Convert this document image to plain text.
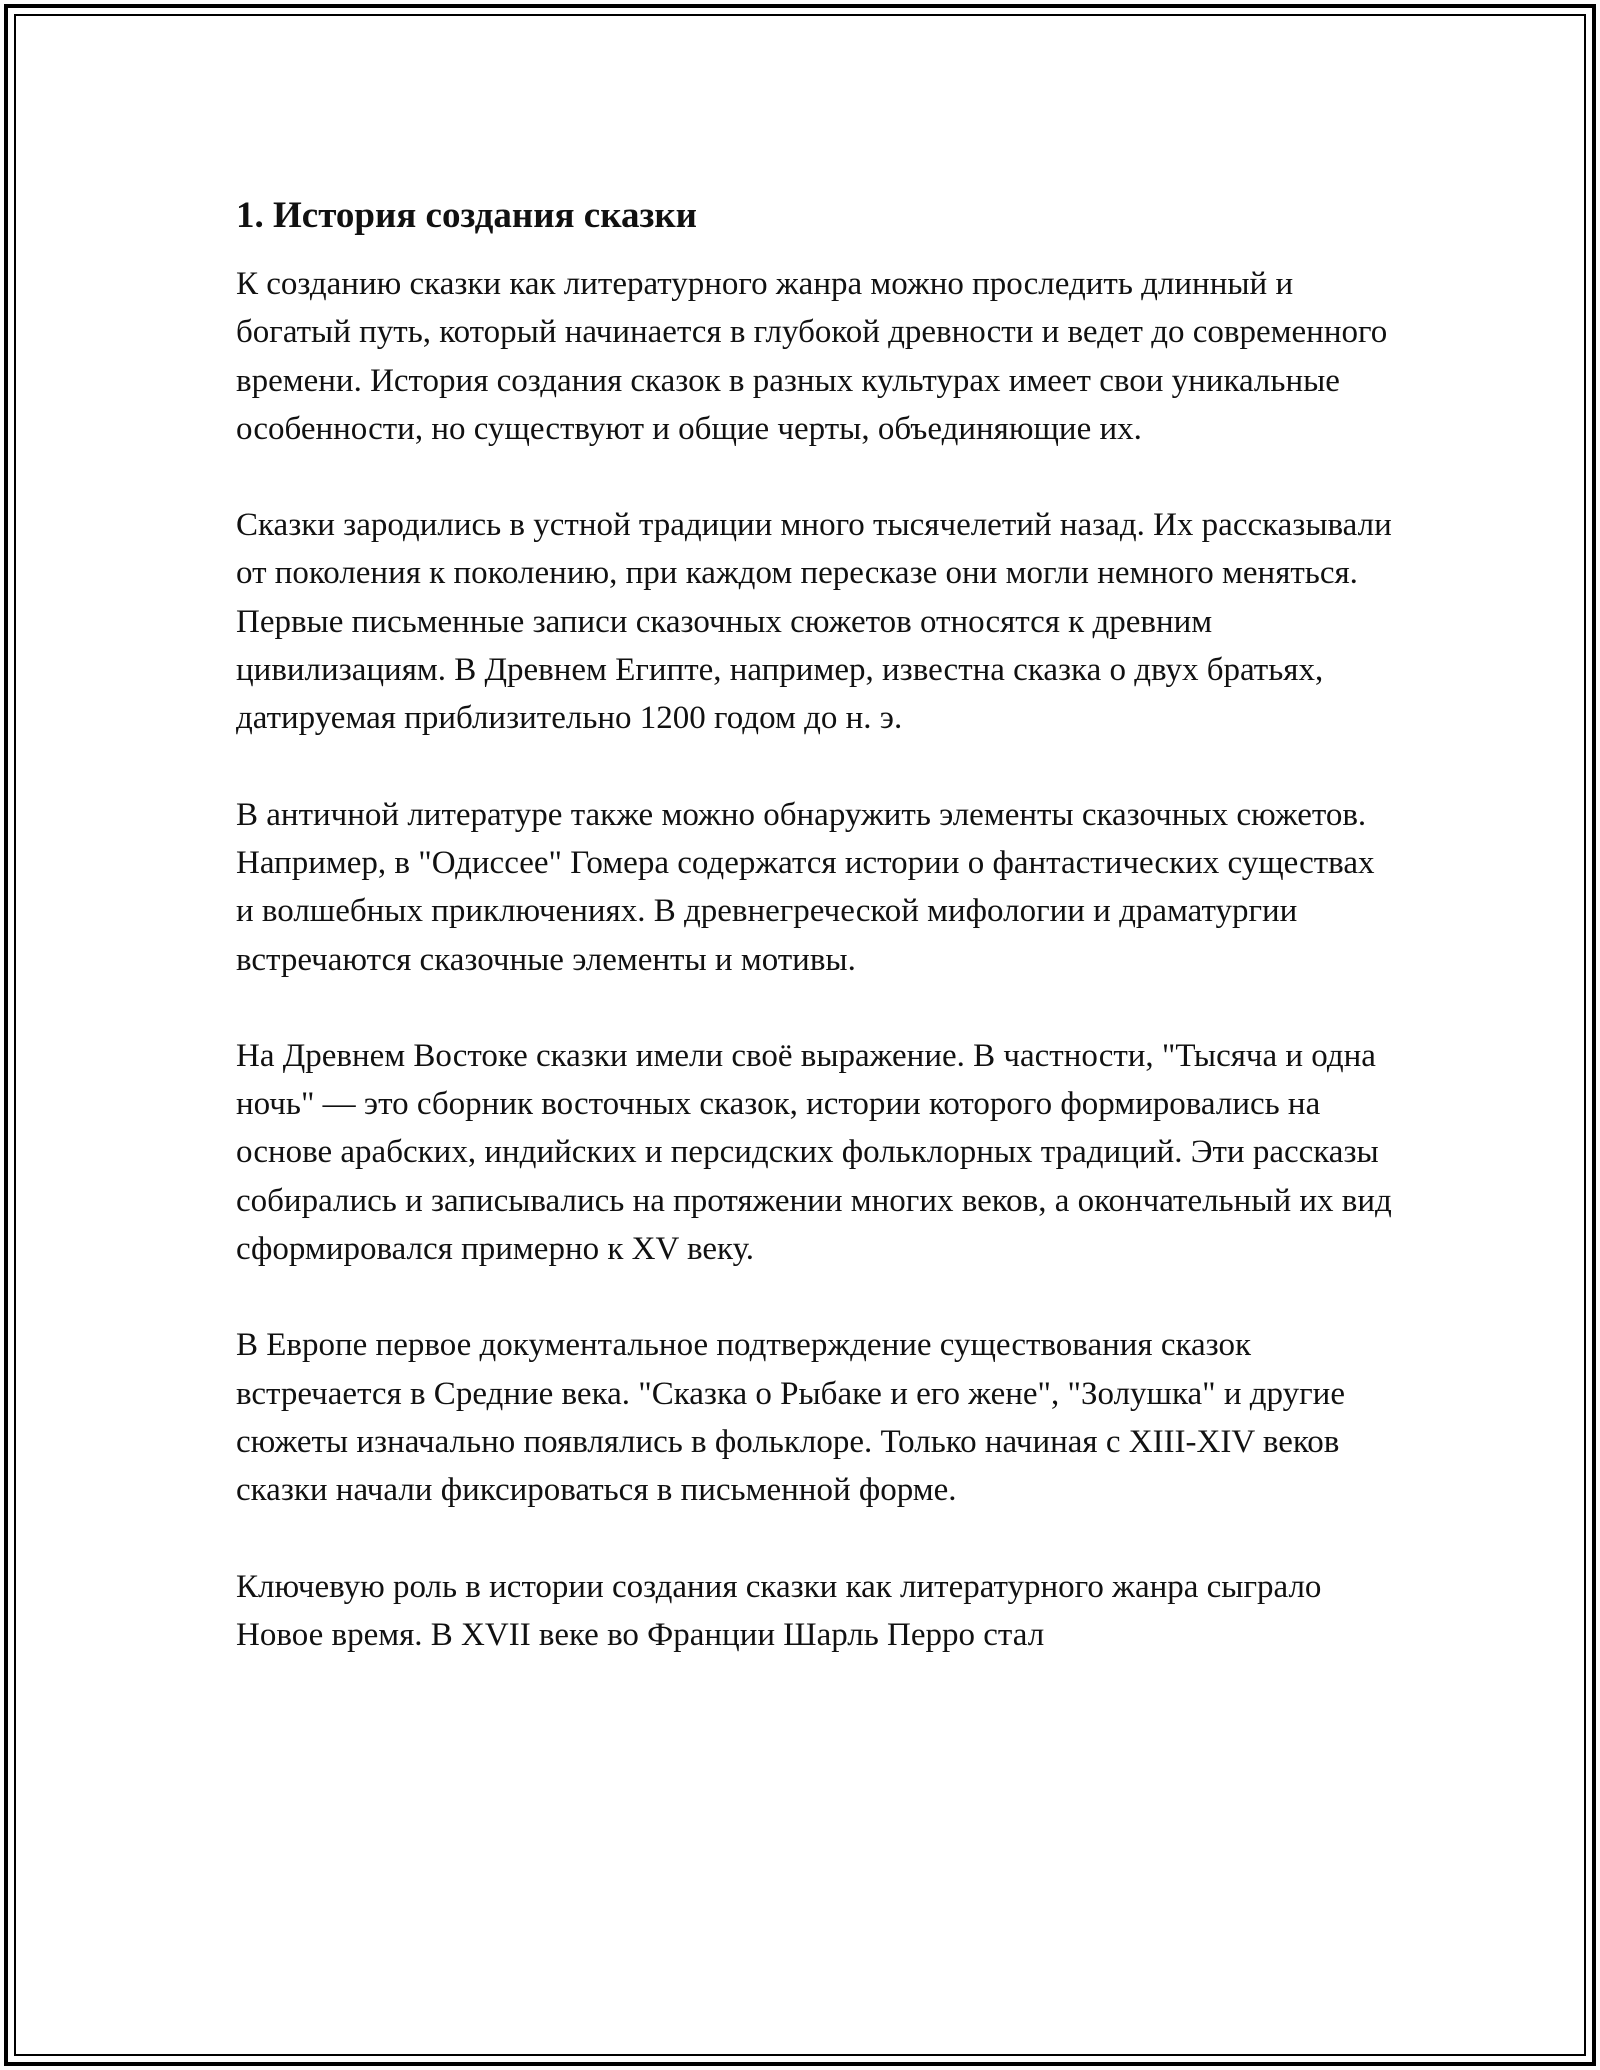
1. История создания сказки

К созданию сказки как литературного жанра можно проследить длинный и богатый путь, который начинается в глубокой древности и ведет до современного времени. История создания сказок в разных культурах имеет свои уникальные особенности, но существуют и общие черты, объединяющие их.

Сказки зародились в устной традиции много тысячелетий назад. Их рассказывали от поколения к поколению, при каждом пересказе они могли немного меняться. Первые письменные записи сказочных сюжетов относятся к древним цивилизациям. В Древнем Египте, например, известна сказка о двух братьях, датируемая приблизительно 1200 годом до н. э.

В античной литературе также можно обнаружить элементы сказочных сюжетов. Например, в "Одиссее" Гомера содержатся истории о фантастических существах и волшебных приключениях. В древнегреческой мифологии и драматургии встречаются сказочные элементы и мотивы.

На Древнем Востоке сказки имели своё выражение. В частности, "Тысяча и одна ночь" — это сборник восточных сказок, истории которого формировались на основе арабских, индийских и персидских фольклорных традиций. Эти рассказы собирались и записывались на протяжении многих веков, а окончательный их вид сформировался примерно к XV веку.

В Европе первое документальное подтверждение существования сказок встречается в Средние века. "Сказка о Рыбаке и его жене", "Золушка" и другие сюжеты изначально появлялись в фольклоре. Только начиная с XIII-XIV веков сказки начали фиксироваться в письменной форме.

Ключевую роль в истории создания сказки как литературного жанра сыграло Новое время. В XVII веке во Франции Шарль Перро стал
